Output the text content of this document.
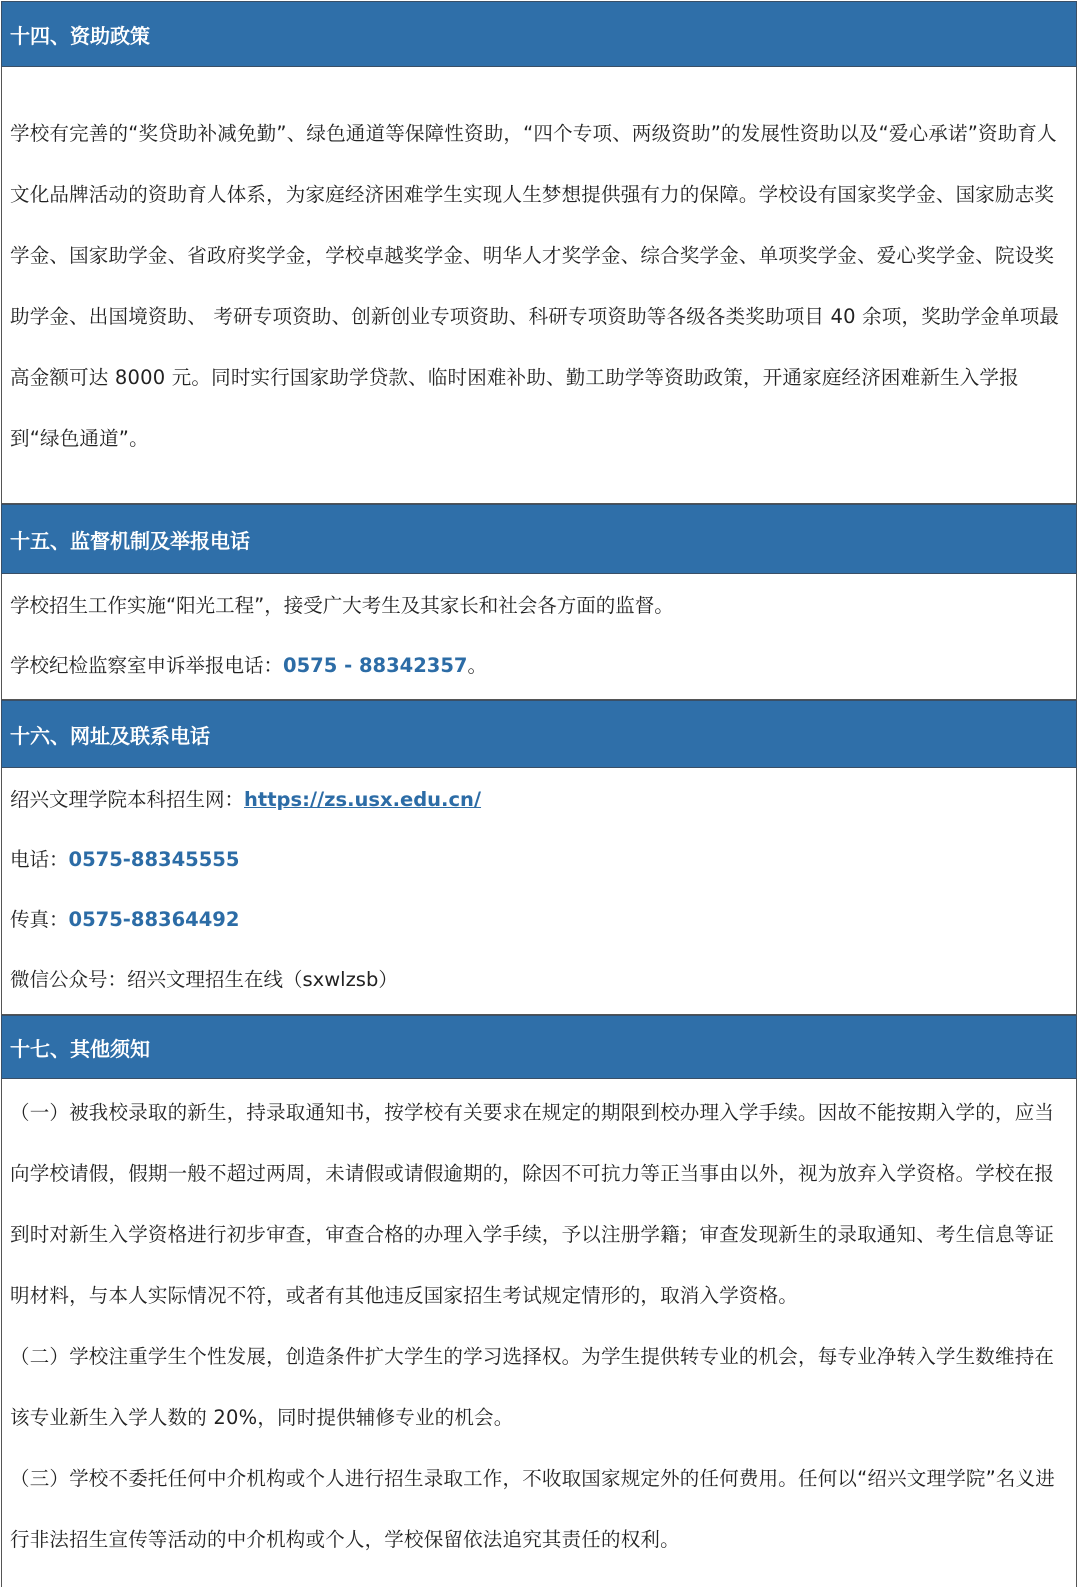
十四、资助政策

学校有完善的“奖贷助补减免勤”、绿色通道等保障性资助，“四个专项、两级资助”的发展性资助以及“爱心承诺”资助育人文化品牌活动的资助育人体系，为家庭经济困难学生实现人生梦想提供强有力的保障。学校设有国家奖学金、国家励志奖学金、国家助学金、省政府奖学金，学校卓越奖学金、明华人才奖学金、综合奖学金、单项奖学金、爱心奖学金、院设奖助学金、出国境资助、 考研专项资助、创新创业专项资助、科研专项资助等各级各类奖助项目 40 余项，奖助学金单项最高金额可达 8000 元。同时实行国家助学贷款、临时困难补助、勤工助学等资助政策，开通家庭经济困难新生入学报到“绿色通道”。

十五、监督机制及举报电话
学校招生工作实施“阳光工程”，接受广大考生及其家长和社会各方面的监督。
学校纪检监察室申诉举报电话：0575 - 88342357。
十六、网址及联系电话
绍兴文理学院本科招生网：https://zs.usx.edu.cn/
电话：0575-88345555
传真：0575-88364492
微信公众号：绍兴文理招生在线（sxwlzsb）
十七、其他须知

（一）被我校录取的新生，持录取通知书，按学校有关要求在规定的期限到校办理入学手续。因故不能按期入学的，应当向学校请假，假期一般不超过两周，未请假或请假逾期的，除因不可抗力等正当事由以外，视为放弃入学资格。学校在报到时对新生入学资格进行初步审查，审查合格的办理入学手续，予以注册学籍；审查发现新生的录取通知、考生信息等证明材料，与本人实际情况不符，或者有其他违反国家招生考试规定情形的，取消入学资格。

（二）学校注重学生个性发展，创造条件扩大学生的学习选择权。为学生提供转专业的机会，每专业净转入学生数维持在该专业新生入学人数的 20%，同时提供辅修专业的机会。

（三）学校不委托任何中介机构或个人进行招生录取工作，不收取国家规定外的任何费用。任何以“绍兴文理学院”名义进行非法招生宣传等活动的中介机构或个人，学校保留依法追究其责任的权利。
